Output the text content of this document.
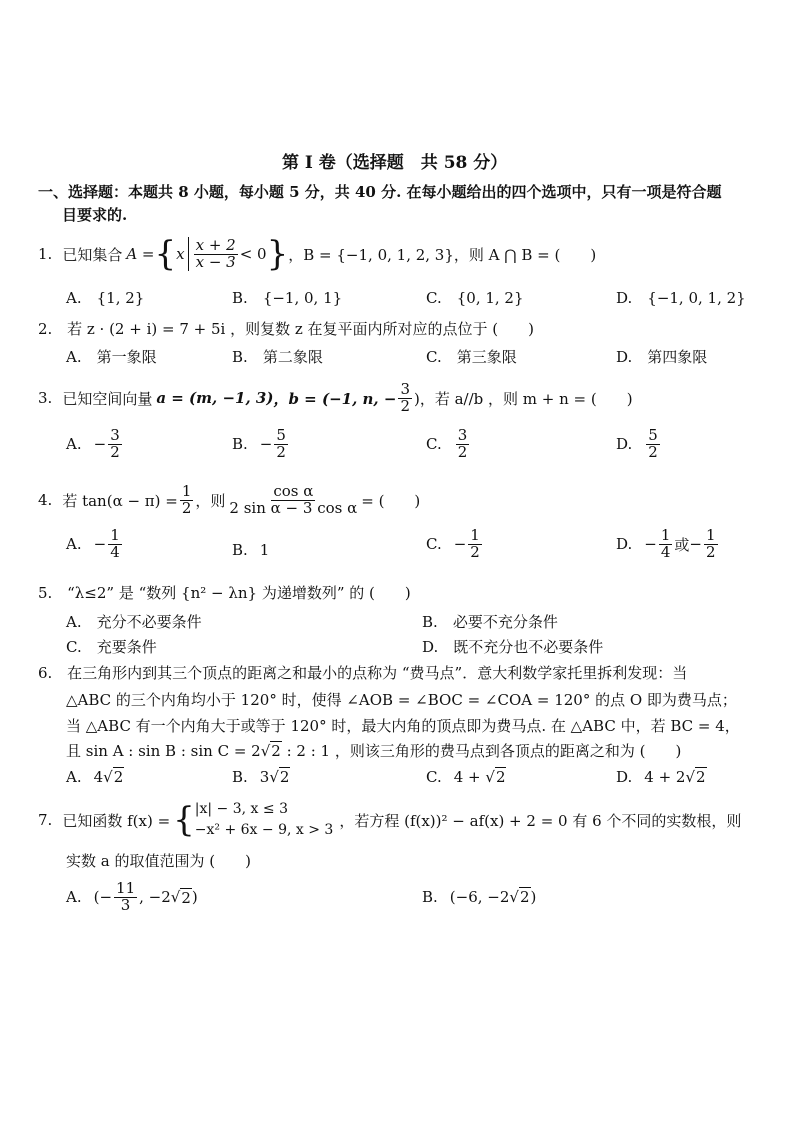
第 I 卷（选择题　共 58 分）
一、选择题：本题共 8 小题，每小题 5 分，共 40 分. 在每小题给出的四个选项中，只有一项是符合题
目要求的.
1. 已知集合 A = { x $\frac{x + 2}{x - 3} < 0$ } ，B = {−1, 0, 1, 2, 3} ，则 A ⋂ B = (　　)
A.　 {1, 2}	B.　 {−1, 0, 1}	C.　 {0, 1, 2}	D.　 {−1, 0, 1, 2}
2. 若 z · (2 + i) = 7 + 5i ，则复数 z 在复平面内所对应的点位于 (　　)
A.　 第一象限	B.　 第二象限	C.　 第三象限	D.　 第四象限
3. 已知空间向量 a = (m, −1, 3) ，b = (−1, n, − $\frac{3}{2}$ )，若 a//b ，则 m + n = (　　)
A. − $\frac{3}{2}$	B. − $\frac{5}{2}$	C. $\frac{3}{2}$	D. $\frac{5}{2}$
4. 若 $\tan(\alpha - \pi) = \frac{1}{2}$ ，则 $\frac{\text{cos α}}{\text{2 sin α − 3 cos α}}$ = (　　)
A. − $\frac{1}{4}$	B. 1	C. − $\frac{1}{2}$	D. − $\frac{1}{4}$ 或 − $\frac{1}{2}$
5. “λ≤2” 是 “数列 {n² − λn} 为递增数列” 的 (　　)
A.　 充分不必要条件	B.　 必要不充分条件
C.　 充要条件	D.　 既不充分也不必要条件
6. 在三角形内到其三个顶点的距离之和最小的点称为 “费马点”．意大利数学家托里拆利发现：当
△ABC 的三个内角均小于 120° 时，使得 ∠AOB = ∠BOC = ∠COA = 120° 的点 O 即为费马点；
当 △ABC 有一个内角大于或等于 120° 时，最大内角的顶点即为费马点. 在 △ABC 中，若 BC = 4，
且 sin A : sin B : sin C = 2√2 : 2 : 1 ，则该三角形的费马点到各顶点的距离之和为 (　　)
A. 4√2	B. 3√2	C. 4 + √2	D. 4 + 2√2
7. 已知函数 f(x) = { |x| − 3, x ≤ 3
−x² + 6x − 9, x > 3
，若方程 (f(x))² − af(x) + 2 = 0 有 6 个不同的实数根，则
实数 a 的取值范围为 (　　)
A. (− $\frac{11}{3}$ , −2 √ 2 )	B. (−6, −2√2)
